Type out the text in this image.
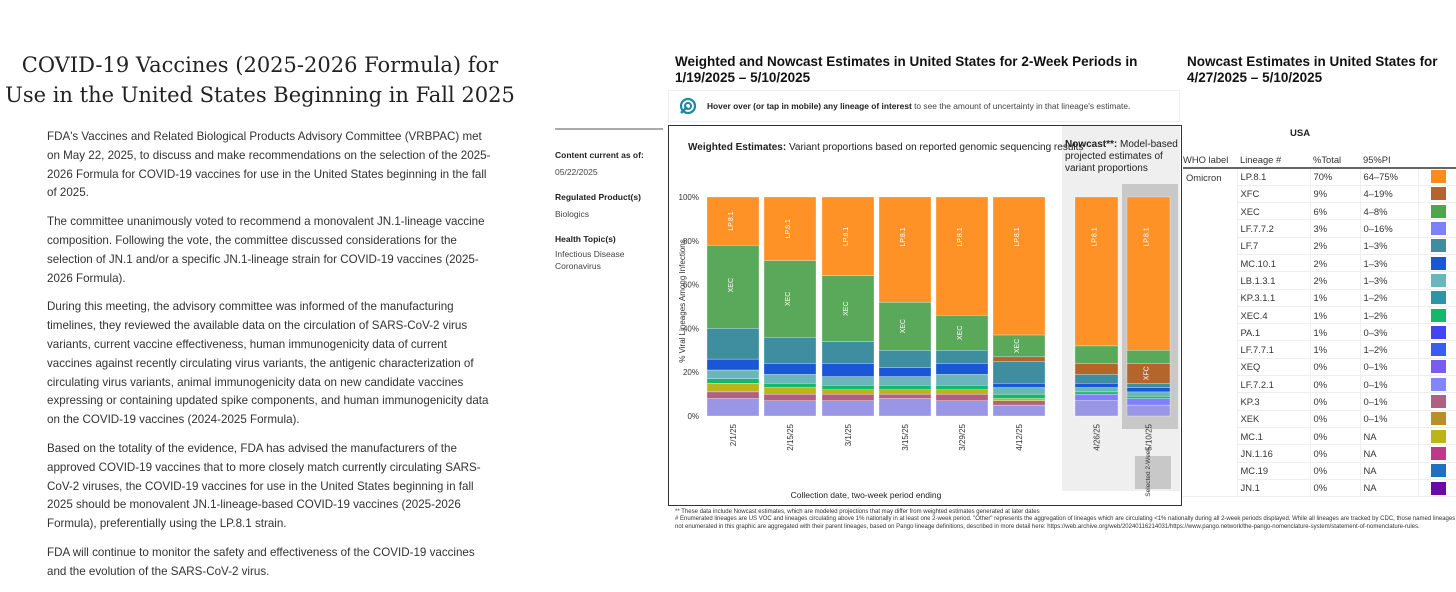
COVID-19 Vaccines (2025-2026 Formula) for Use in the United States Beginning in Fall 2025

FDA's Vaccines and Related Biological Products Advisory Committee (VRBPAC) met on May 22, 2025, to discuss and make recommendations on the selection of the 2025-2026 Formula for COVID-19 vaccines for use in the United States beginning in the fall of 2025.

The committee unanimously voted to recommend a monovalent JN.1-lineage vaccine composition. Following the vote, the committee discussed considerations for the selection of JN.1 and/or a specific JN.1-lineage strain for COVID-19 vaccines (2025-2026 Formula).

During this meeting, the advisory committee was informed of the manufacturing timelines, they reviewed the available data on the circulation of SARS-CoV-2 virus variants, current vaccine effectiveness, human immunogenicity data of current vaccines against recently circulating virus variants, the antigenic characterization of circulating virus variants, animal immunogenicity data on new candidate vaccines expressing or containing updated spike components, and human immunogenicity data on the COVID-19 vaccines (2024-2025 Formula).

Based on the totality of the evidence, FDA has advised the manufacturers of the approved COVID-19 vaccines that to more closely match currently circulating SARS-CoV-2 viruses, the COVID-19 vaccines for use in the United States beginning in fall 2025 should be monovalent JN.1-lineage-based COVID-19 vaccines (2025-2026 Formula), preferentially using the LP.8.1 strain.

FDA will continue to monitor the safety and effectiveness of the COVID-19 vaccines and the evolution of the SARS-CoV-2 virus.

Content current as of:
05/22/2025
Regulated Product(s)
Biologics
Health Topic(s)
Infectious Disease
Coronavirus
Weighted and Nowcast Estimates in United States for 2-Week Periods in 1/19/2025 – 5/10/2025
Hover over (or tap in mobile) any lineage of interest to see the amount of uncertainty in that lineage's estimate.
Selected 2-Week
Weighted Estimates: Variant proportions based on reported genomic sequencing results
XEC
LP.8.1
XEC
LP.8.1
XEC
LP.8.1
XEC
LP.8.1
XEC
LP.8.1
XEC
LP.8.1	LP.8.1
XFC
LP.8.1
0%
20%
40%
60%
80%
100%
2/1/25	2/15/25	3/1/25	3/15/25	3/29/25	4/12/25	4/26/25	5/10/25
% Viral Lineages Among Infections
Collection date, two-week period ending
Nowcast**: Model-based projected estimates of variant proportions
Nowcast Estimates in United States for 4/27/2025 – 5/10/2025
USA
WHO label	Lineage #	%Total	95%PI	
Omicron	LP.8.1	70%	64–75%	
	XFC	9%	4–19%	
	XEC	6%	4–8%	
	LF.7.7.2	3%	0–16%	
	LF.7	2%	1–3%	
	MC.10.1	2%	1–3%	
	LB.1.3.1	2%	1–3%	
	KP.3.1.1	1%	1–2%	
	XEC.4	1%	1–2%	
	PA.1	1%	0–3%	
	LF.7.7.1	1%	1–2%	
	XEQ	0%	0–1%	
	LF.7.2.1	0%	0–1%	
	KP.3	0%	0–1%	
	XEK	0%	0–1%	
	MC.1	0%	NA	
	JN.1.16	0%	NA	
	MC.19	0%	NA	
	JN.1	0%	NA	
** These data include Nowcast estimates, which are modeled projections that may differ from weighted estimates generated at later dates
# Enumerated lineages are US VOC and lineages circulating above 1% nationally in at least one 2-week period. "Other" represents the aggregation of lineages which are circulating <1% nationally during all 2-week periods displayed. While all lineages are tracked by CDC, those named lineages not enumerated in this graphic are aggregated with their parent lineages, based on Pango lineage definitions, described in more detail here: https://web.archive.org/web/20240116214031/https://www.pango.network/the-pango-nomenclature-system/statement-of-nomenclature-rules.
